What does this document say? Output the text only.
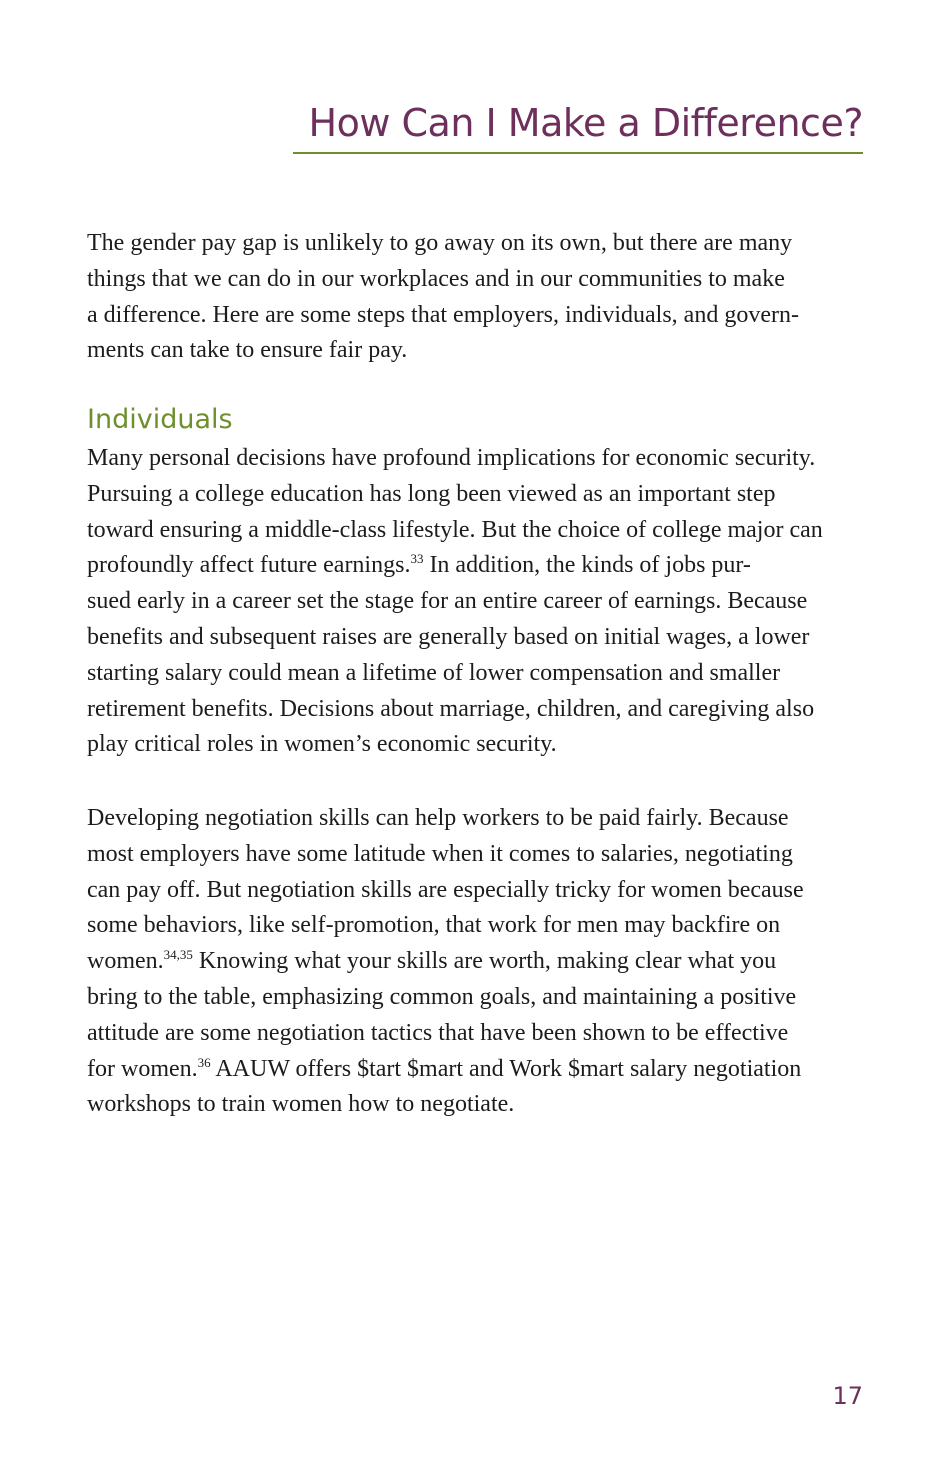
How Can I Make a Difference?

The gender pay gap is unlikely to go away on its own, but there are many
things that we can do in our workplaces and in our communities to make
a difference. Here are some steps that employers, individuals, and govern-
ments can take to ensure fair pay.

Individuals

Many personal decisions have profound implications for economic security.
Pursuing a college education has long been viewed as an important step
toward ensuring a middle-class lifestyle. But the choice of college major can
profoundly affect future earnings.$^{33}$ In addition, the kinds of jobs pur-
sued early in a career set the stage for an entire career of earnings. Because
benefits and subsequent raises are generally based on initial wages, a lower
starting salary could mean a lifetime of lower compensation and smaller
retirement benefits. Decisions about marriage, children, and caregiving also
play critical roles in women’s economic security.

Developing negotiation skills can help workers to be paid fairly. Because
most employers have some latitude when it comes to salaries, negotiating
can pay off. But negotiation skills are especially tricky for women because
some behaviors, like self-promotion, that work for men may backfire on
women.$^{34,35}$ Knowing what your skills are worth, making clear what you
bring to the table, emphasizing common goals, and maintaining a positive
attitude are some negotiation tactics that have been shown to be effective
for women.$^{36}$ AAUW offers $tart $mart and Work $mart salary negotiation
workshops to train women how to negotiate.

17
